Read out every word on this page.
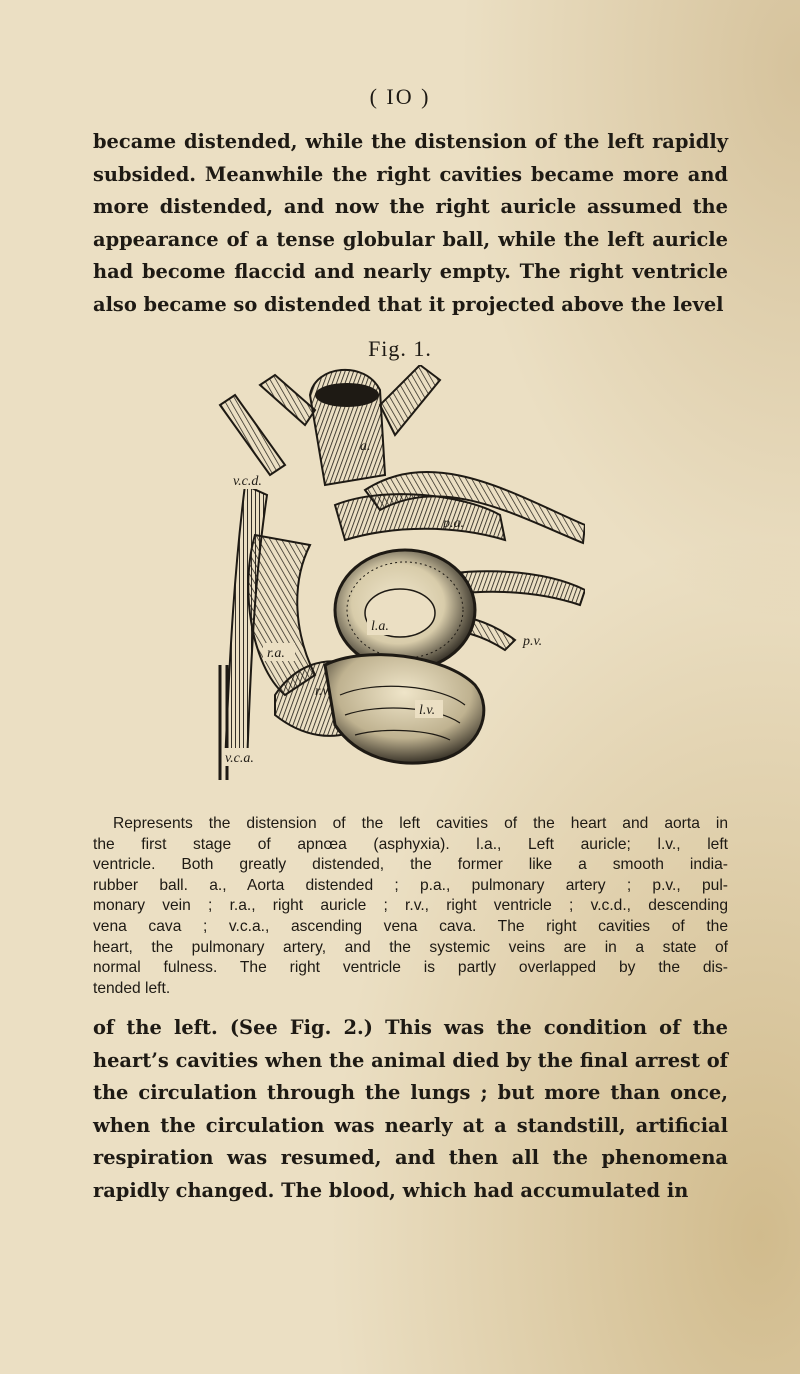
( IO )
became distended, while the distension of the left rapidly
subsided. Meanwhile the right cavities became more and
more distended, and now the right auricle assumed the
appearance of a tense globular ball, while the left auricle
had become flaccid and nearly empty. The right ventricle
also became so distended that it projected above the level
Fig. 1.
a.
v.c.d.
p.a.
l.a.
p.v.
r.a.
r.v.
l.v.
v.c.a.
Represents the distension of the left cavities of the heart and aorta in
the first stage of apnœa (asphyxia). l.a., Left auricle; l.v., left
ventricle. Both greatly distended, the former like a smooth india-
rubber ball. a., Aorta distended ; p.a., pulmonary artery ; p.v., pul-
monary vein ; r.a., right auricle ; r.v., right ventricle ; v.c.d., descending
vena cava ; v.c.a., ascending vena cava. The right cavities of the
heart, the pulmonary artery, and the systemic veins are in a state of
normal fulness. The right ventricle is partly overlapped by the dis-
tended left.
of the left. (See Fig. 2.) This was the condition of the
heart’s cavities when the animal died by the final arrest of
the circulation through the lungs ; but more than once,
when the circulation was nearly at a standstill, artificial
respiration was resumed, and then all the phenomena
rapidly changed. The blood, which had accumulated in
